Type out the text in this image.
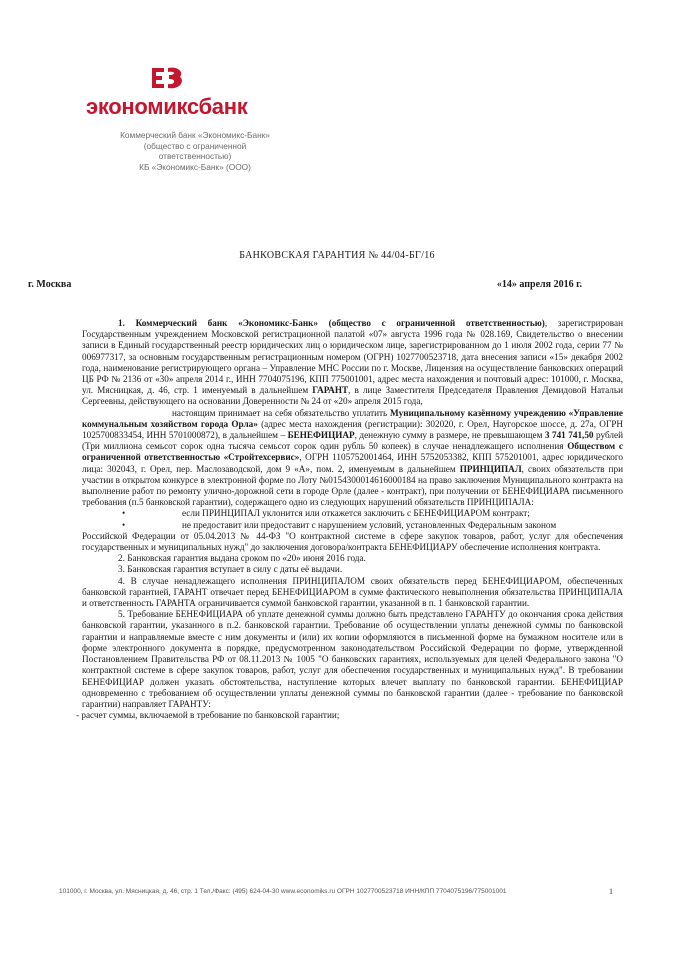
экономиксбанк
Коммерческий банк «Экономикс-Банк»
(общество с ограниченной ответственностью)
КБ «Экономикс-Банк» (ООО)
БАНКОВСКАЯ ГАРАНТИЯ № 44/04-БГ/16
г. Москва	«14» апреля 2016 г.

1. Коммерческий банк «Экономикс-Банк» (общество с ограниченной ответственностью), зарегистрирован Государственным учреждением Московской регистрационной палатой «07» августа 1996 года № 028.169, Свидетельство о внесении записи в Единый государственный реестр юридических лиц о юридическом лице, зарегистрированном до 1 июля 2002 года, серии 77 № 006977317, за основным государственным регистрационным номером (ОГРН) 1027700523718, дата внесения записи «15» декабря 2002 года, наименование регистрирующего органа – Управление МНС России по г. Москве, Лицензия на осуществление банковских операций ЦБ РФ № 2136 от «30» апреля 2014 г., ИНН 7704075196, КПП 775001001, адрес места нахождения и почтовый адрес: 101000, г. Москва, ул. Мясницкая, д. 46, стр. 1 именуемый в дальнейшем ГАРАНТ, в лице Заместителя Председателя Правления Демидовой Натальи Сергеевны, действующего на основании Доверенности № 24 от «20» апреля 2015 года,

настоящим принимает на себя обязательство уплатить Муниципальному казённому учреждению «Управление коммунальным хозяйством города Орла» (адрес места нахождения (регистрации): 302020, г. Орел, Наугорское шоссе, д. 27а, ОГРН 1025700833454, ИНН 5701000872), в дальнейшем – БЕНЕФИЦИАР, денежную сумму в размере, не превышающем 3 741 741,50 рублей (Три миллиона семьсот сорок одна тысяча семьсот сорок один рубль 50 копеек) в случае ненадлежащего исполнения Обществом с ограниченной ответственностью «Стройтехсервис», ОГРН 1105752001464, ИНН 5752053382, КПП 575201001, адрес юридического лица: 302043, г. Орел, пер. Маслозаводской, дом 9 «А», пом. 2, именуемым в дальнейшем ПРИНЦИПАЛ, своих обязательств при участии в открытом конкурсе в электронной форме по Лоту №0154300014616000184 на право заключения Муниципального контракта на выполнение работ по ремонту улично-дорожной сети в городе Орле (далее - контракт), при получении от БЕНЕФИЦИАРА письменного требования (п.5 банковской гарантии), содержащего одно из следующих нарушений обязательств ПРИНЦИПАЛА:

•	если ПРИНЦИПАЛ уклонится или откажется заключить с БЕНЕФИЦИАРОМ контракт;

•	не предоставит или предоставит с нарушением условий, установленных Федеральным законом

Российской Федерации от 05.04.2013 № 44-ФЗ "О контрактной системе в сфере закупок товаров, работ, услуг для обеспечения государственных и муниципальных нужд" до заключения договора/контракта БЕНЕФИЦИАРУ обеспечение исполнения контракта.

2. Банковская гарантия выдана сроком по «20» июня 2016 года.

3. Банковская гарантия вступает в силу с даты её выдачи.

4. В случае ненадлежащего исполнения ПРИНЦИПАЛОМ своих обязательств перед БЕНЕФИЦИАРОМ, обеспеченных банковской гарантией, ГАРАНТ отвечает перед БЕНЕФИЦИАРОМ в сумме фактического невыполнения обязательства ПРИНЦИПАЛА и ответственность ГАРАНТА ограничивается суммой банковской гарантии, указанной в п. 1 банковской гарантии.

5. Требование БЕНЕФИЦИАРА об уплате денежной суммы должно быть представлено ГАРАНТУ до окончания срока действия банковской гарантии, указанного в п.2. банковской гарантии. Требование об осуществлении уплаты денежной суммы по банковской гарантии и направляемые вместе с ним документы и (или) их копии оформляются в письменной форме на бумажном носителе или в форме электронного документа в порядке, предусмотренном законодательством Российской Федерации по форме, утвержденной Постановлением Правительства РФ от 08.11.2013 № 1005 "О банковских гарантиях, используемых для целей Федерального закона "О контрактной системе в сфере закупок товаров, работ, услуг для обеспечения государственных и муниципальных нужд". В требовании БЕНЕФИЦИАР должен указать обстоятельства, наступление которых влечет выплату по банковской гарантии. БЕНЕФИЦИАР одновременно с требованием об осуществлении уплаты денежной суммы по банковской гарантии (далее - требование по банковской гарантии) направляет ГАРАНТУ:

- расчет суммы, включаемой в требование по банковской гарантии;

101000, г. Москва, ул. Мясницкая, д. 46, стр. 1 Тел./Факс: (495) 624-04-30 www.economiks.ru ОГРН 1027700523718 ИНН/КПП 7704075196/775001001	1
